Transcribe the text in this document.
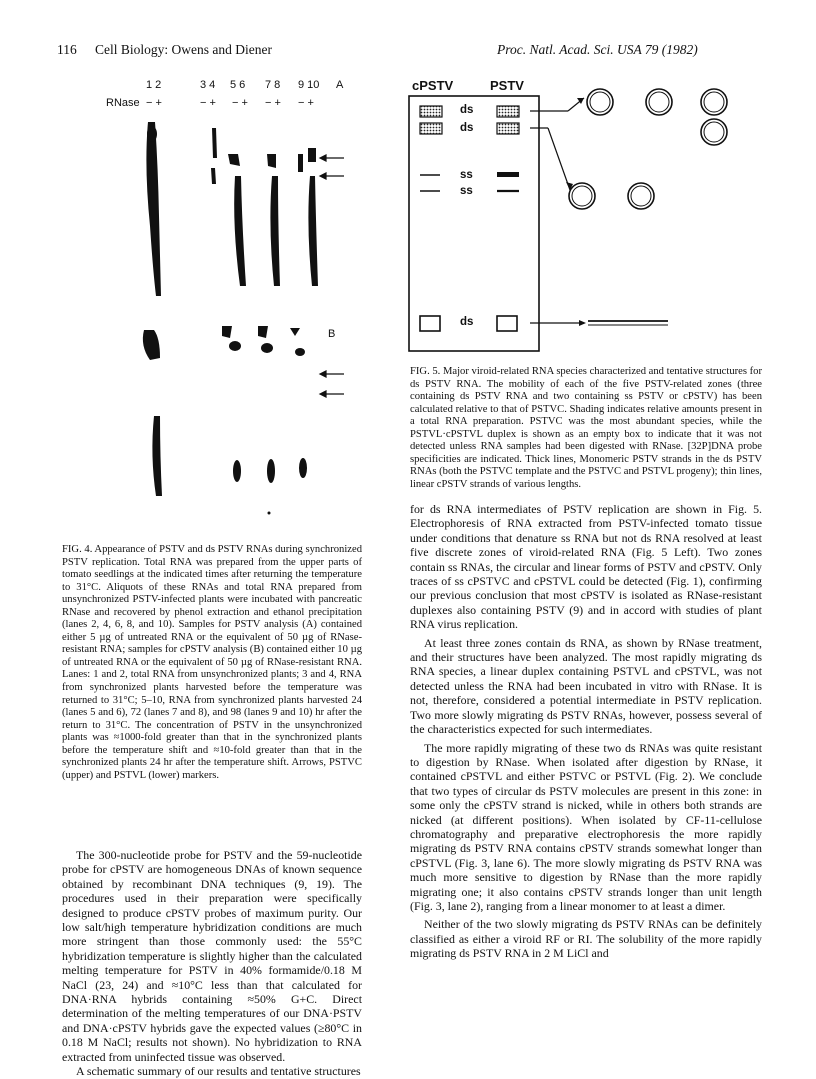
116 Cell Biology: Owens and Diener	Proc. Natl. Acad. Sci. USA 79 (1982)
1 2	3 4 5 6 7 8 9 10 A
RNase − +	− + − + − + − +
B
cPSTV	PSTV
ds
ds
ss
ss
ds

FIG. 5. Major viroid-related RNA species characterized and tentative structures for ds PSTV RNA. The mobility of each of the five PSTV-related zones (three containing ds PSTV RNA and two containing ss PSTV or cPSTV) has been calculated relative to that of PSTVC. Shading indicates relative amounts present in a total RNA preparation. PSTVC was the most abundant species, while the PSTVL·cPSTVL duplex is shown as an empty box to indicate that it was not detected unless RNA samples had been digested with RNase. [32P]DNA probe specificities are indicated. Thick lines, Monomeric PSTV strands in the ds PSTV RNAs (both the PSTVC template and the PSTVC and PSTVL progeny); thin lines, linear cPSTV strands of various lengths.

FIG. 4. Appearance of PSTV and ds PSTV RNAs during synchronized PSTV replication. Total RNA was prepared from the upper parts of tomato seedlings at the indicated times after returning the temperature to 31°C. Aliquots of these RNAs and total RNA prepared from unsynchronized PSTV-infected plants were incubated with pancreatic RNase and recovered by phenol extraction and ethanol precipitation (lanes 2, 4, 6, 8, and 10). Samples for PSTV analysis (A) contained either 5 µg of untreated RNA or the equivalent of 50 µg of RNase-resistant RNA; samples for cPSTV analysis (B) contained either 10 µg of untreated RNA or the equivalent of 50 µg of RNase-resistant RNA. Lanes: 1 and 2, total RNA from unsynchronized plants; 3 and 4, RNA from synchronized plants harvested before the temperature was returned to 31°C; 5–10, RNA from synchronized plants harvested 24 (lanes 5 and 6), 72 (lanes 7 and 8), and 98 (lanes 9 and 10) hr after the return to 31°C. The concentration of PSTV in the unsynchronized plants was ≈1000-fold greater than that in the synchronized plants before the temperature shift and ≈10-fold greater than that in the synchronized plants 24 hr after the temperature shift. Arrows, PSTVC (upper) and PSTVL (lower) markers.

The 300-nucleotide probe for PSTV and the 59-nucleotide probe for cPSTV are homogeneous DNAs of known sequence obtained by recombinant DNA techniques (9, 19). The procedures used in their preparation were specifically designed to produce cPSTV probes of maximum purity. Our low salt/high temperature hybridization conditions are much more stringent than those commonly used: the 55°C hybridization temperature is slightly higher than the calculated melting temperature for PSTV in 40% formamide/0.18 M NaCl (23, 24) and ≈10°C less than that calculated for DNA·RNA hybrids containing ≈50% G+C. Direct determination of the melting temperatures of our DNA·PSTV and DNA·cPSTV hybrids gave the expected values (≥80°C in 0.18 M NaCl; results not shown). No hybridization to RNA extracted from uninfected tissue was observed.

A schematic summary of our results and tentative structures

for ds RNA intermediates of PSTV replication are shown in Fig. 5. Electrophoresis of RNA extracted from PSTV-infected tomato tissue under conditions that denature ss RNA but not ds RNA resolved at least five discrete zones of viroid-related RNA (Fig. 5 Left). Two zones contain ss RNAs, the circular and linear forms of PSTV and cPSTV. Only traces of ss cPSTVC and cPSTVL could be detected (Fig. 1), confirming our previous conclusion that most cPSTV is isolated as RNase-resistant duplexes also containing PSTV (9) and in accord with studies of plant RNA virus replication.

At least three zones contain ds RNA, as shown by RNase treatment, and their structures have been analyzed. The most rapidly migrating ds RNA species, a linear duplex containing PSTVL and cPSTVL, was not detected unless the RNA had been incubated in vitro with RNase. It is not, therefore, considered a potential intermediate in PSTV replication. Two more slowly migrating ds PSTV RNAs, however, possess several of the characteristics expected for such intermediates.

The more rapidly migrating of these two ds RNAs was quite resistant to digestion by RNase. When isolated after digestion by RNase, it contained cPSTVL and either PSTVC or PSTVL (Fig. 2). We conclude that two types of circular ds PSTV molecules are present in this zone: in some only the cPSTV strand is nicked, while in others both strands are nicked (at different positions). When isolated by CF-11-cellulose chromatography and preparative electrophoresis the more rapidly migrating ds PSTV RNA contains cPSTV strands somewhat longer than cPSTVL (Fig. 3, lane 6). The more slowly migrating ds PSTV RNA was much more sensitive to digestion by RNase than the more rapidly migrating one; it also contains cPSTV strands longer than unit length (Fig. 3, lane 2), ranging from a linear monomer to at least a dimer.

Neither of the two slowly migrating ds PSTV RNAs can be definitely classified as either a viroid RF or RI. The solubility of the more rapidly migrating ds PSTV RNA in 2 M LiCl and
